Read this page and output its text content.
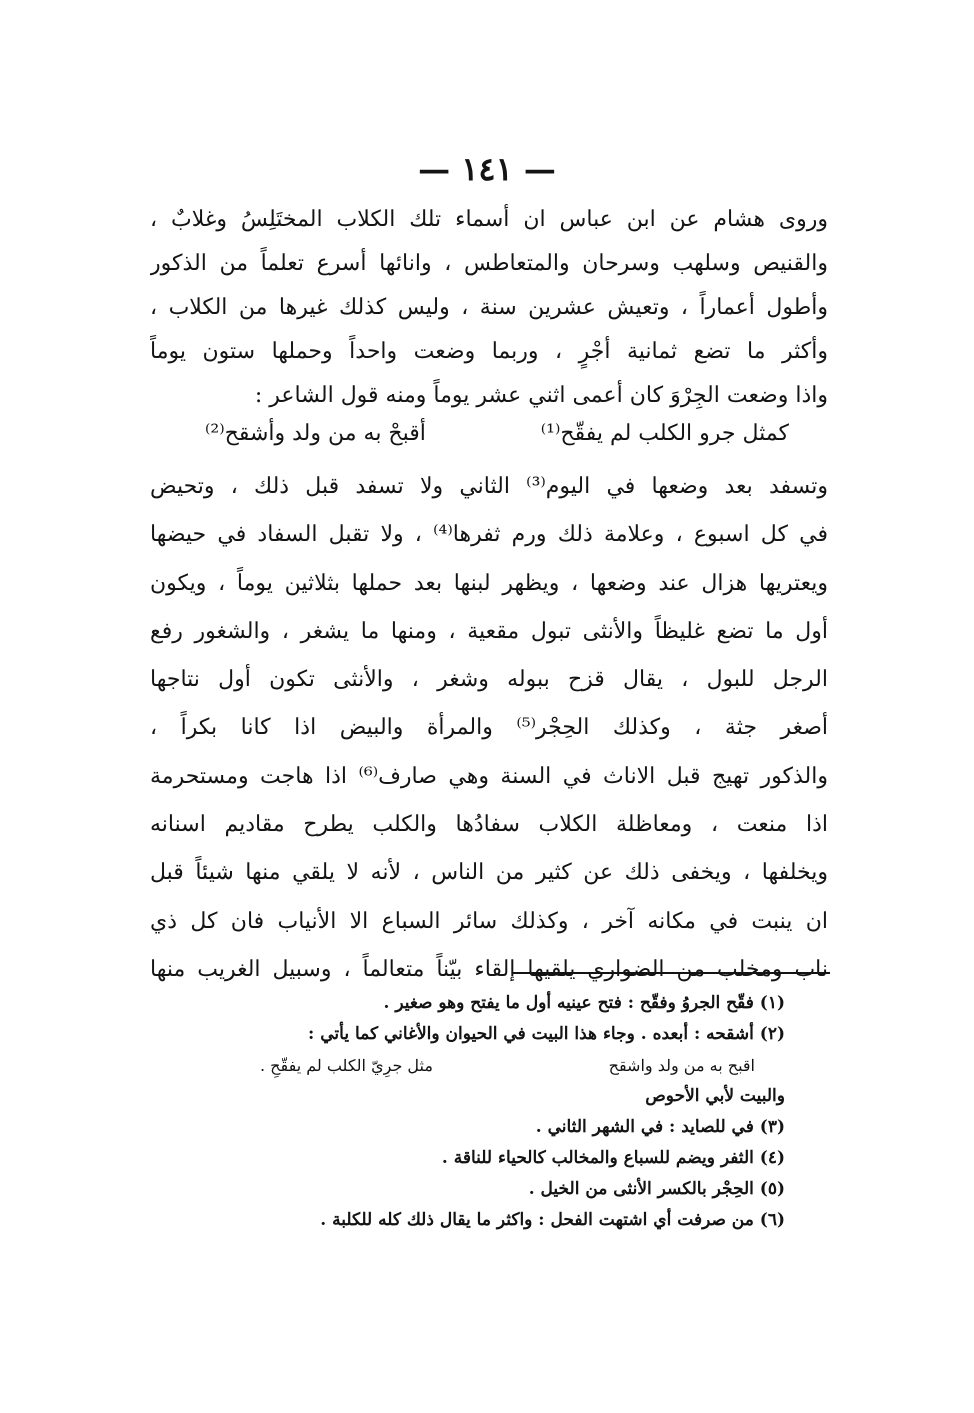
— ١٤١ —
وروى هشام عن ابن عباس ان أسماء تلك الكلاب المختَلِسُ وغلابٌ ،
والقنيص وسلهب وسرحان والمتعاطس ، وانائها أسرع تعلماً من الذكور
وأطول أعماراً ، وتعيش عشرين سنة ، وليس كذلك غيرها من الكلاب ،
وأكثر ما تضع ثمانية أجْرٍ ، وربما وضعت واحداً وحملها ستون يوماً
واذا وضعت الجِرْوَ كان أعمى اثني عشر يوماً ومنه قول الشاعر :
كمثل جرو الكلب لم يفقّح⁽¹⁾
أقبحْ به من ولد وأشقح⁽²⁾
وتسفد بعد وضعها في اليوم⁽³⁾ الثاني ولا تسفد قبل ذلك ، وتحيض
في كل اسبوع ، وعلامة ذلك ورم ثفرها⁽⁴⁾ ، ولا تقبل السفاد في حيضها
ويعتريها هزال عند وضعها ، ويظهر لبنها بعد حملها بثلاثين يوماً ، ويكون
أول ما تضع غليظاً والأنثى تبول مقعية ، ومنها ما يشغر ، والشغور رفع
الرجل للبول ، يقال قزح ببوله وشغر ، والأنثى تكون أول نتاجها
أصغر جثة ، وكذلك الحِجْر⁽⁵⁾ والمرأة والبيض اذا كانا بكراً ،
والذكور تهيج قبل الاناث في السنة وهي صارف⁽⁶⁾ اذا هاجت ومستحرمة
اذا منعت ، ومعاظلة الكلاب سفادُها والكلب يطرح مقاديم اسنانه
ويخلفها ، ويخفى ذلك عن كثير من الناس ، لأنه لا يلقي منها شيئاً قبل
ان ينبت في مكانه آخر ، وكذلك سائر السباع الا الأنياب فان كل ذي
ناب ومخلب من الضواري يلقيها إلقاء بيّناً متعالماً ، وسبيل الغريب منها
(١) فقّح الجروُ وفقّح : فتح عينيه أول ما يفتح وهو صغير .
(٢) أشقحه : أبعده . وجاء هذا البيت في الحيوان والأغاني كما يأتي :
اقبح به من ولد واشقح
مثل جرِيّ الكلب لم يفقّحِ .
والبيت لأبي الأحوص
(٣) في للصايد : في الشهر الثاني .
(٤) الثفر ويضم للسباع والمخالب كالحياء للناقة .
(٥) الحِجْر بالكسر الأنثى من الخيل .
(٦) من صرفت أي اشتهت الفحل : واكثر ما يقال ذلك كله للكلبة .
